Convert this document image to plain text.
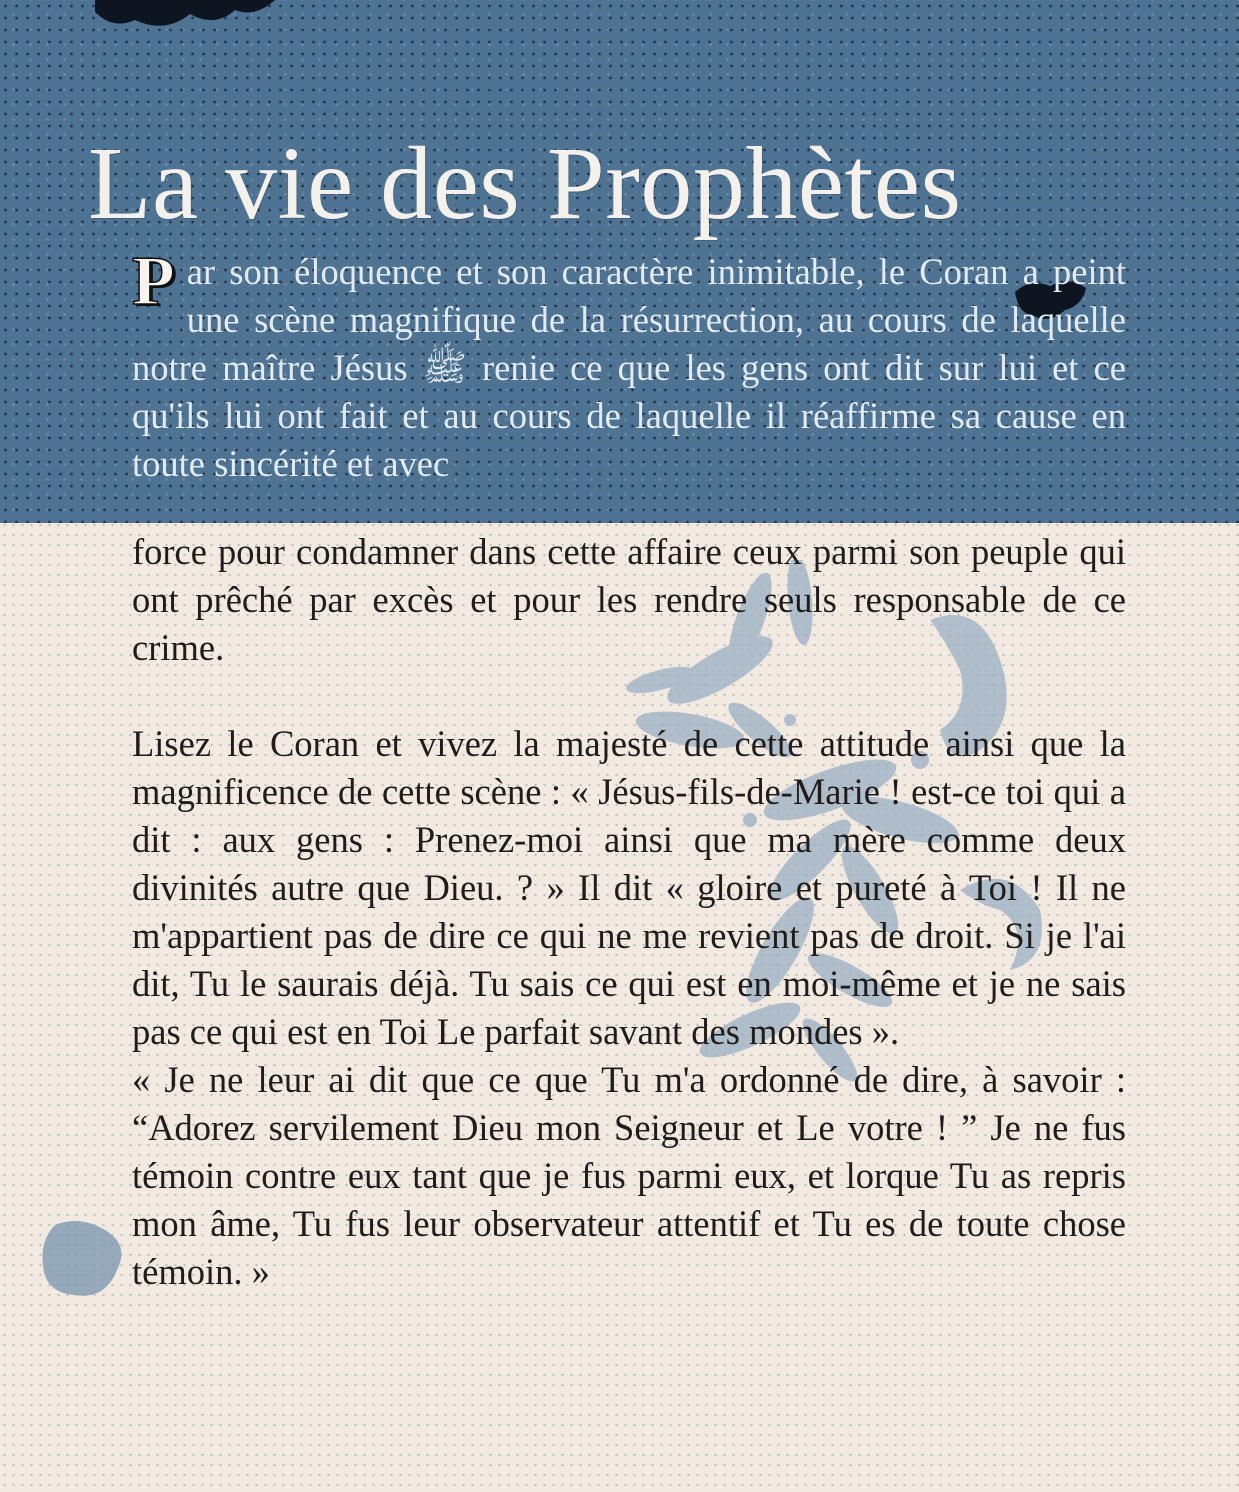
La vie des Prophètes
Par son éloquence et son caractère inimitable, le Coran a peint une scène magnifique de la résurrection, au cours de laquelle notre maître Jésus ﷺ renie ce que les gens ont dit sur lui et ce qu'ils lui ont fait et au cours de laquelle il réaffirme sa cause en toute sincérité et avec

force pour condamner dans cette affaire ceux parmi son peuple qui ont prêché par excès et pour les rendre seuls responsable de ce crime.

Lisez le Coran et vivez la majesté de cette attitude ainsi que la magnificence de cette scène : « Jésus-fils-de-Marie ! est-ce toi qui a dit : aux gens : Prenez-moi ainsi que ma mère comme deux divinités autre que Dieu. ? » Il dit « gloire et pureté à Toi ! Il ne m'appartient pas de dire ce qui ne me revient pas de droit. Si je l'ai dit, Tu le saurais déjà. Tu sais ce qui est en moi-même et je ne sais pas ce qui est en Toi Le parfait savant des mondes ».

« Je ne leur ai dit que ce que Tu m'a ordonné de dire, à savoir : “Adorez servilement Dieu mon Seigneur et Le votre ! ” Je ne fus témoin contre eux tant que je fus parmi eux, et lorque Tu as repris mon âme, Tu fus leur observateur attentif et Tu es de toute chose témoin. »
